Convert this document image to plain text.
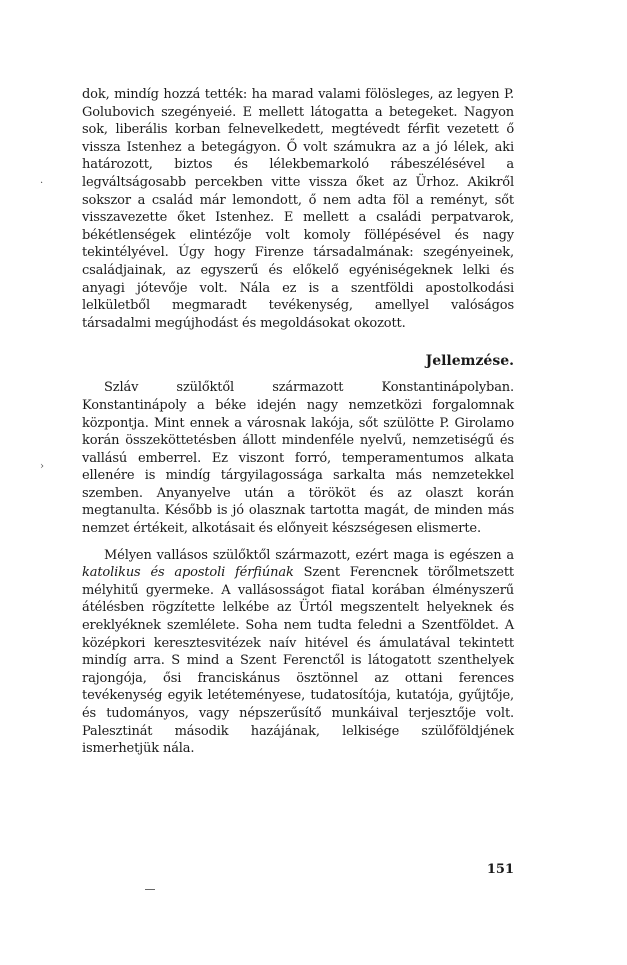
dok, mindíg hozzá tették: ha marad valami fölösleges, az legyen P. Golubovich szegényeié. E mellett látogatta a betegeket. Nagyon sok, liberális korban felnevelkedett, megtévedt férfit vezetett ő vissza Istenhez a betegágyon. Ő volt számukra az a jó lélek, aki határozott, biztos és lélekbemarkoló rábeszélésével a legváltságosabb percekben vitte vissza őket az Ürhoz. Akikről sokszor a család már lemondott, ő nem adta föl a reményt, sőt visszavezette őket Istenhez. E mellett a családi perpatvarok, békétlenségek elintézője volt komoly föllépésével és nagy tekintélyével. Úgy hogy Firenze társadalmának: szegényeinek, családjainak, az egyszerű és előkelő egyéniségeknek lelki és anyagi jótevője volt. Nála ez is a szentföldi apostolkodási lelkületből megmaradt tevékenység, amellyel valóságos társadalmi megújhodást és megoldásokat okozott.

Jellemzése.

Szláv szülőktől származott Konstantinápolyban. Konstantinápoly a béke idején nagy nemzetközi forgalomnak központja. Mint ennek a városnak lakója, sőt szülötte P. Girolamo korán összeköttetésben állott mindenféle nyelvű, nemzetiségű és vallású emberrel. Ez viszont forró, temperamentumos alkata ellenére is mindíg tárgyilagossága sarkalta más nemzetekkel szemben. Anyanyelve után a törököt és az olaszt korán megtanulta. Később is jó olasznak tartotta magát, de minden más nemzet értékeit, alkotásait és előnyeit készségesen elismerte.

Mélyen vallásos szülőktől származott, ezért maga is egészen a katolikus és apostoli férfiúnak Szent Ferencnek törőlmetszett mélyhitű gyermeke. A vallásosságot fiatal korában élményszerű átélésben rögzítette lelkébe az Ürtól megszentelt helyeknek és ereklyéknek szemlélete. Soha nem tudta feledni a Szentföldet. A középkori keresztesvitézek naív hitével és ámulatával tekintett mindíg arra. S mind a Szent Ferenctől is látogatott szenthelyek rajongója, ősi franciskánus ösztönnel az ottani ferences tevékenység egyik letéteményese, tudatosítója, kutatója, gyűjtője, és tudományos, vagy népszerűsítő munkáival terjesztője volt. Palesztinát második hazájának, lelkisége szülőföldjének ismerhetjük nála.

151
·
›
